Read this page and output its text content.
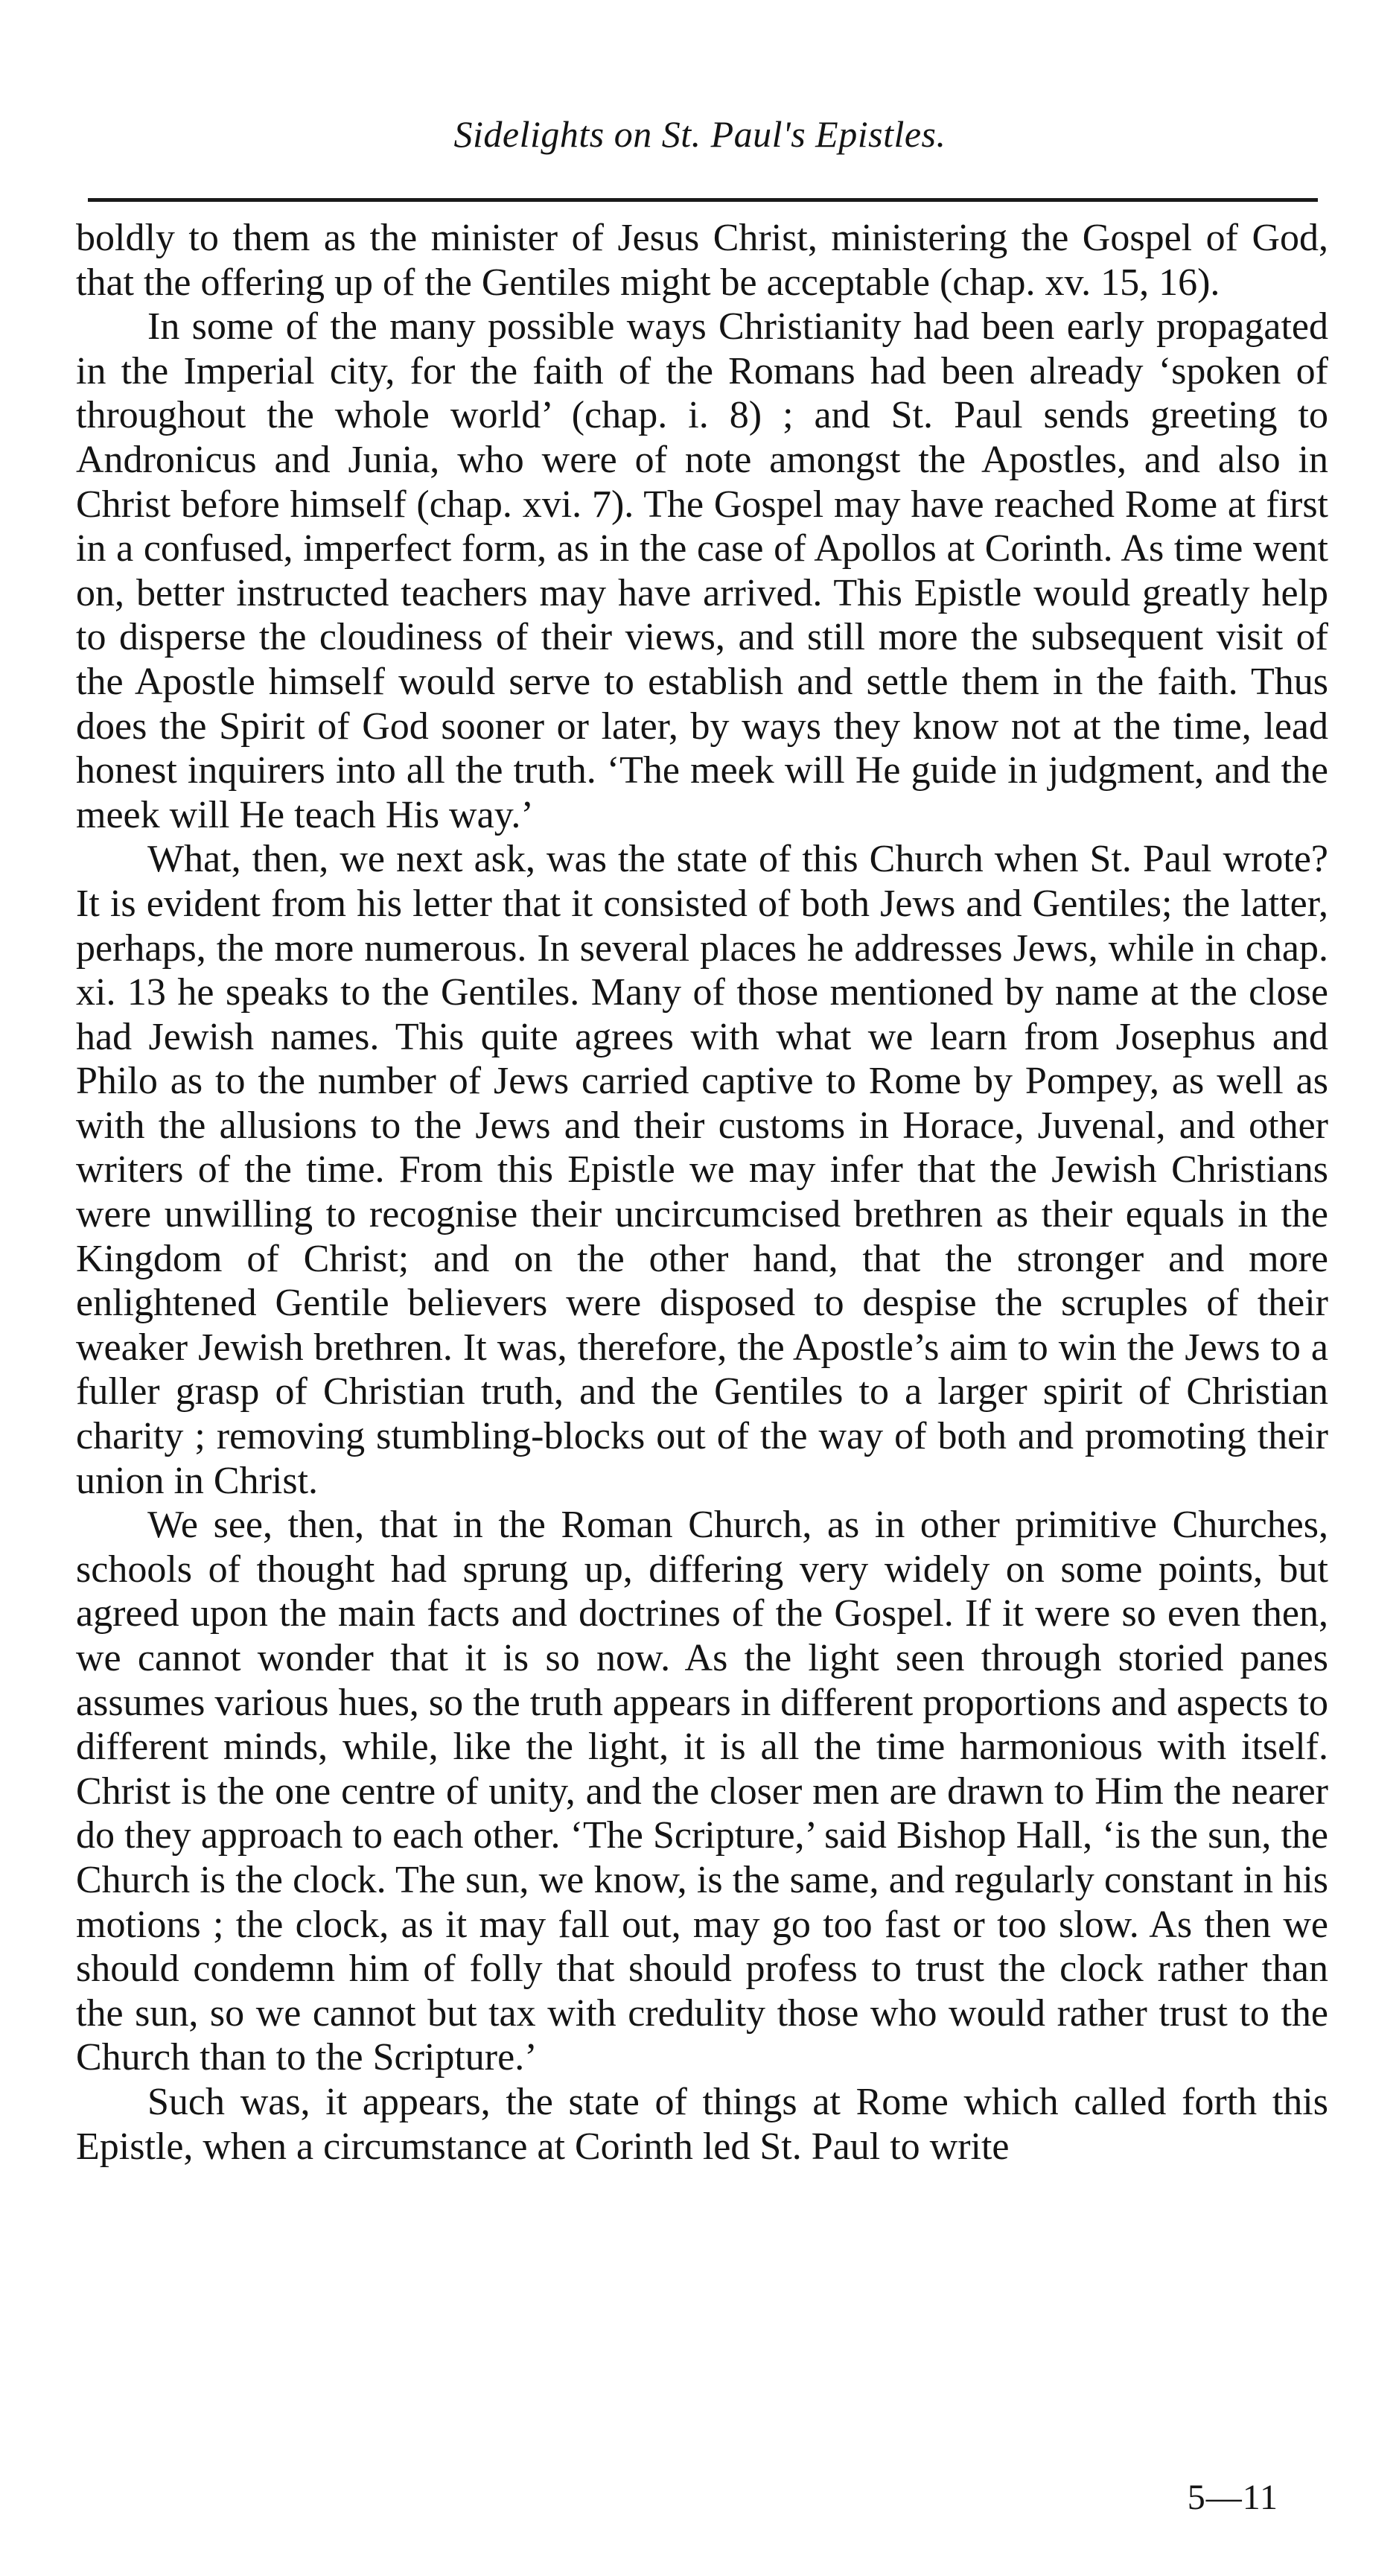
Sidelights on St. Paul's Epistles.

boldly to them as the minister of Jesus Christ, ministering the Gospel of God, that the offering up of the Gentiles might be acceptable (chap. xv. 15, 16).

In some of the many possible ways Christianity had been early propagated in the Imperial city, for the faith of the Romans had been already ‘spoken of throughout the whole world’ (chap. i. 8) ; and St. Paul sends greeting to Andronicus and Junia, who were of note amongst the Apostles, and also in Christ before himself (chap. xvi. 7). The Gospel may have reached Rome at first in a confused, imperfect form, as in the case of Apollos at Corinth. As time went on, better instructed teachers may have arrived. This Epistle would greatly help to disperse the cloudiness of their views, and still more the subsequent visit of the Apostle himself would serve to establish and settle them in the faith. Thus does the Spirit of God sooner or later, by ways they know not at the time, lead honest inquirers into all the truth. ‘The meek will He guide in judgment, and the meek will He teach His way.’

What, then, we next ask, was the state of this Church when St. Paul wrote? It is evident from his letter that it consisted of both Jews and Gentiles; the latter, perhaps, the more numerous. In several places he addresses Jews, while in chap. xi. 13 he speaks to the Gentiles. Many of those mentioned by name at the close had Jewish names. This quite agrees with what we learn from Josephus and Philo as to the number of Jews carried captive to Rome by Pompey, as well as with the allusions to the Jews and their customs in Horace, Juvenal, and other writers of the time. From this Epistle we may infer that the Jewish Christians were unwilling to recognise their uncircumcised brethren as their equals in the Kingdom of Christ; and on the other hand, that the stronger and more enlightened Gentile believers were disposed to despise the scruples of their weaker Jewish brethren. It was, therefore, the Apostle’s aim to win the Jews to a fuller grasp of Christian truth, and the Gentiles to a larger spirit of Christian charity ; removing stumbling-blocks out of the way of both and promoting their union in Christ.

We see, then, that in the Roman Church, as in other primitive Churches, schools of thought had sprung up, differing very widely on some points, but agreed upon the main facts and doctrines of the Gospel. If it were so even then, we cannot wonder that it is so now. As the light seen through storied panes assumes various hues, so the truth appears in different proportions and aspects to different minds, while, like the light, it is all the time harmonious with itself. Christ is the one centre of unity, and the closer men are drawn to Him the nearer do they approach to each other. ‘The Scripture,’ said Bishop Hall, ‘is the sun, the Church is the clock. The sun, we know, is the same, and regularly constant in his motions ; the clock, as it may fall out, may go too fast or too slow. As then we should condemn him of folly that should profess to trust the clock rather than the sun, so we cannot but tax with credulity those who would rather trust to the Church than to the Scripture.’

Such was, it appears, the state of things at Rome which called forth this Epistle, when a circumstance at Corinth led St. Paul to write

5—11
